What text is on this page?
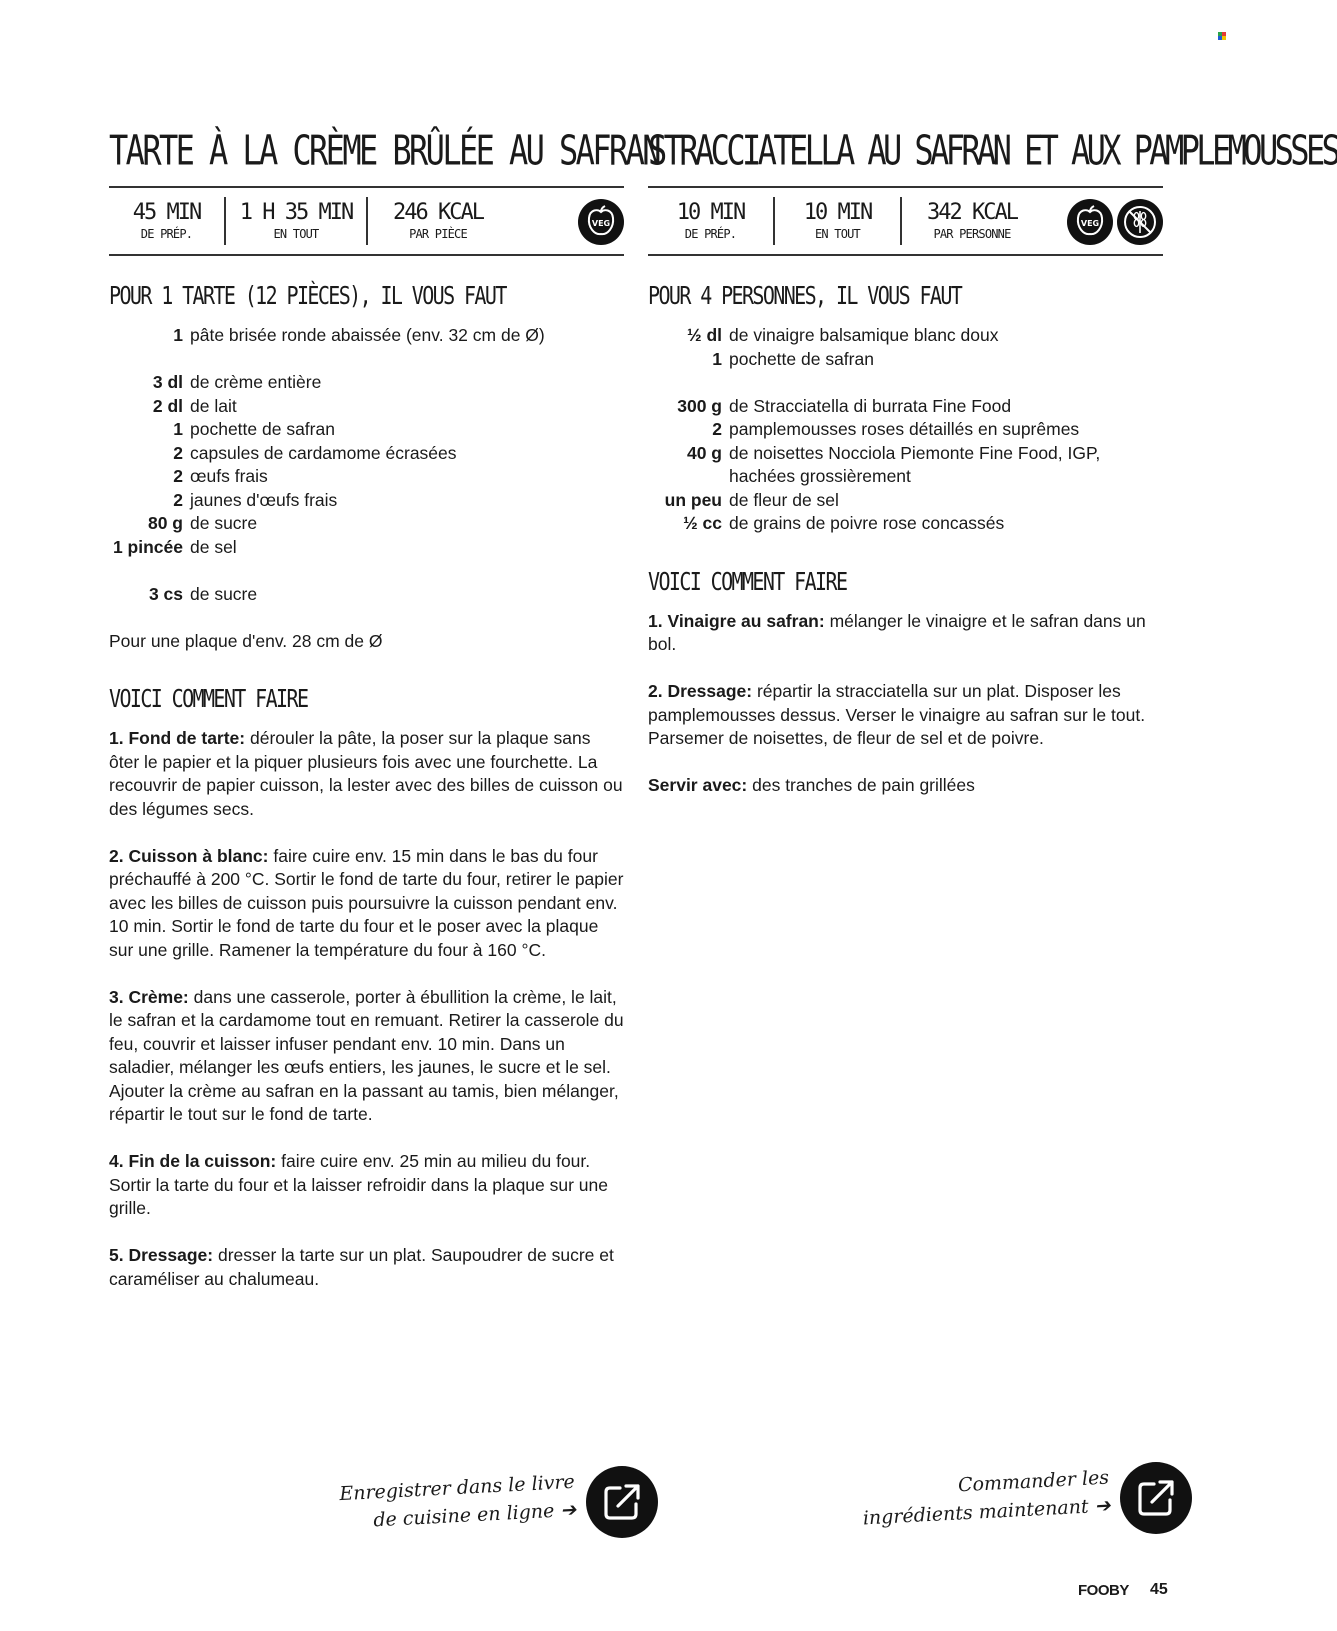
TARTE À LA CRÈME BRÛLÉE AU SAFRAN
45 MIN
DE PRÉP.
1 H 35 MIN
EN TOUT
246 KCAL
PAR PIÈCE
VEG
POUR 1 TARTE (12 PIÈCES), IL VOUS FAUT
1 pâte brisée ronde abaissée (env. 32 cm de Ø)
3 dl de crème entière
2 dl de lait
1 pochette de safran
2 capsules de cardamome écrasées
2 œufs frais
2 jaunes d'œufs frais
80 g de sucre
1 pincée de sel
3 cs de sucre
Pour une plaque d'env. 28 cm de Ø
VOICI COMMENT FAIRE

1. Fond de tarte: dérouler la pâte, la poser sur la plaque sans ôter le papier et la piquer plusieurs fois avec une fourchette. La recouvrir de papier cuisson, la lester avec des billes de cuisson ou des légumes secs.

2. Cuisson à blanc: faire cuire env. 15 min dans le bas du four préchauffé à 200 °C. Sortir le fond de tarte du four, retirer le papier avec les billes de cuisson puis poursuivre la cuisson pendant env. 10 min. Sortir le fond de tarte du four et le poser avec la plaque sur une grille. Ramener la température du four à 160 °C.

3. Crème: dans une casserole, porter à ébullition la crème, le lait, le safran et la cardamome tout en remuant. Retirer la casserole du feu, couvrir et laisser infuser pendant env. 10 min. Dans un saladier, mélanger les œufs entiers, les jaunes, le sucre et le sel. Ajouter la crème au safran en la passant au tamis, bien mélanger, répartir le tout sur le fond de tarte.

4. Fin de la cuisson: faire cuire env. 25 min au milieu du four. Sortir la tarte du four et la laisser refroidir dans la plaque sur une grille.

5. Dressage: dresser la tarte sur un plat. Saupoudrer de sucre et caraméliser au chalumeau.

STRACCIATELLA AU SAFRAN ET AUX PAMPLEMOUSSES
10 MIN
DE PRÉP.
10 MIN
EN TOUT
342 KCAL
PAR PERSONNE
VEG
POUR 4 PERSONNES, IL VOUS FAUT
½ dl de vinaigre balsamique blanc doux
1 pochette de safran
300 g de Stracciatella di burrata Fine Food
2 pamplemousses roses détaillés en suprêmes
40 g de noisettes Nocciola Piemonte Fine Food, IGP, hachées grossièrement
un peu de fleur de sel
½ cc de grains de poivre rose concassés
VOICI COMMENT FAIRE

1. Vinaigre au safran: mélanger le vinaigre et le safran dans un bol.

2. Dressage: répartir la stracciatella sur un plat. Disposer les pamplemousses dessus. Verser le vinaigre au safran sur le tout. Parsemer de noisettes, de fleur de sel et de poivre.

Servir avec: des tranches de pain grillées

Enregistrer dans le livre
de cuisine en ligne ➔
Commander les
ingrédients maintenant ➔
FOOBY 45
